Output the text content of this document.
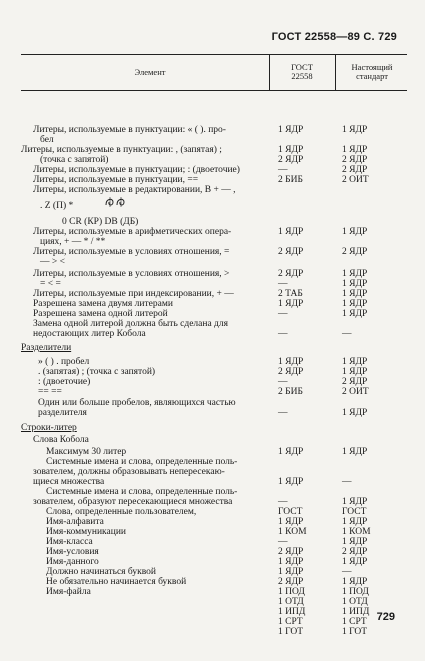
ГОСТ 22558—89 С. 729
Элемент	ГОСТ
22558
Настоящий
стандарт
Литеры, используемые в пунктуации: « ( ). про-
бел
Литеры, используемые в пунктуации: , (запятая) ;
(точка с запятой)
Литеры, используемые в пунктуации; : (двоеточие)
Литеры, используемые в пунктуации, ==
Литеры, используемые в редактировании, В + — ,
. Z (П) *
0 CR (КР) DB (ДБ)
Литеры, используемые в арифметических опера-
циях, + — * / **
Литеры, используемые в условиях отношения, =
— > <
Литеры, используемые в условиях отношения, >
= < =
Литеры, используемые при индексировании, + —
Разрешена замена двумя литерами
Разрешена замена одной литерой
Замена одной литерой должна быть сделана для
недостающих литер Кобола
Разделители
» ( ) . пробел
. (запятая) ; (точка с запятой)
: (двоеточие)
== ==
Один или больше пробелов, являющихся частью
разделителя
Строки-литер
Слова Кобола
Максимум 30 литер
Системные имена и слова, определенные поль-
зователем, должны образовывать непересекаю-
щиеся множества
Системные имена и слова, определенные поль-
зователем, образуют пересекающиеся множества
Слова, определенные пользователем,
Имя-алфавита
Имя-коммуникации
Имя-класса
Имя-условия
Имя-данного
Должно начинаться буквой
Не обязательно начинается буквой
Имя-файла
1 ЯДР
1 ЯДР
2 ЯДР
—
2 БИБ
1 ЯДР
2 ЯДР
2 ЯДР
—
2 ТАБ
1 ЯДР
—
—
1 ЯДР
2 ЯДР
—
2 БИБ
—
1 ЯДР
1 ЯДР
—
ГОСТ
1 ЯДР
1 КОМ
—
2 ЯДР
1 ЯДР
1 ЯДР
2 ЯДР
1 ПОД
1 ОТД
1 ИПД
1 СРТ
1 ГОТ
1 ЯДР
1 ЯДР
2 ЯДР
2 ЯДР
2 ОИТ
1 ЯДР
2 ЯДР
1 ЯДР
1 ЯДР
1 ЯДР
1 ЯДР
1 ЯДР
—
1 ЯДР
1 ЯДР
2 ЯДР
2 ОИТ
1 ЯДР
1 ЯДР
—
1 ЯДР
ГОСТ
1 ЯДР
1 КОМ
1 ЯДР
2 ЯДР
1 ЯДР
—
1 ЯДР
1 ПОД
1 ОТД
1 ИПД
1 СРТ
1 ГОТ
729
